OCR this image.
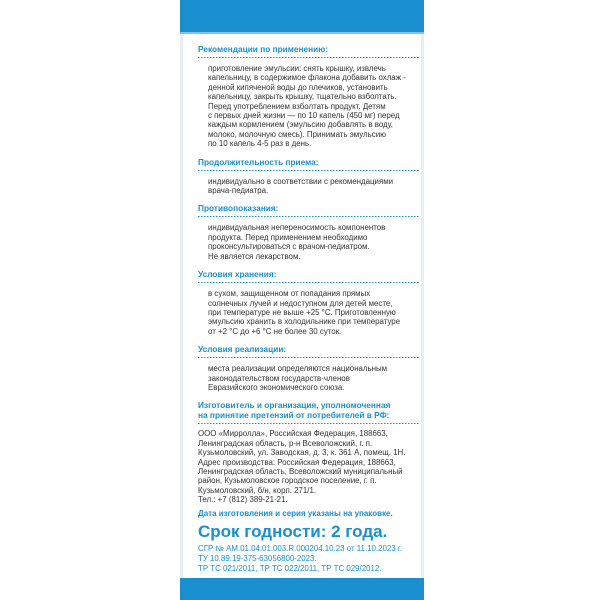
Рекомендации по применению:

приготовление эмульсии: снять крышку, извлечь
капельницу, в содержимое флакона добавить охлаж -
денной кипяченой воды до плечиков, установить
капельницу, закрыть крышку, тщательно взболтать.
Перед употреблением взболтать продукт. Детям
с первых дней жизни — по 10 капель (450 мг) перед
каждым кормлением (эмульсию добавлять в воду,
молоко, молочную смесь). Принимать эмульсию
по 10 капель 4-5 раз в день.

Продолжительность приема:

индивидуально в соответствии с рекомендациями
врача-педиатра.

Противопоказания:

индивидуальная непереносимость компонентов
продукта. Перед применением необходимо
проконсультироваться с врачом-педиатром.
Не является лекарством.

Условия хранения:

в сухом, защищенном от попадания прямых
солнечных лучей и недоступном для детей месте,
при температуре не выше +25 °С. Приготовленную
эмульсию хранить в холодильнике при температуре
от +2 °С до +6 °С не более 30 суток.

Условия реализации:

места реализации определяются национальным
законодательством государств-членов
Евразийского экономического союза.

Изготовитель и организация, уполномоченная
на принятие претензий от потребителей в РФ:

ООО «Мирролла», Российская Федерация, 188663,
Ленинградская область, р-н Всеволожский, г. п.
Кузьмоловский, ул. Заводская, д. 3, к. 361 А, помещ. 1Н.
Адрес производства: Российская Федерация, 188663,
Ленинградская область, Всеволожский муниципальный
район, Кузьмоловское городское поселение, г. п.
Кузьмоловский, б/н, корп. 271/1.
Тел.: +7 (812) 389-21-21.

Дата изготовления и серия указаны на упаковке.

Срок годности: 2 года.

СГР № AM.01.04.01.003.R.000204.10.23 от 11.10.2023 г.
ТУ 10.89.19-375-63056800-2023.
ТР ТС 021/2011, ТР ТС 022/2011, ТР ТС 029/2012.
